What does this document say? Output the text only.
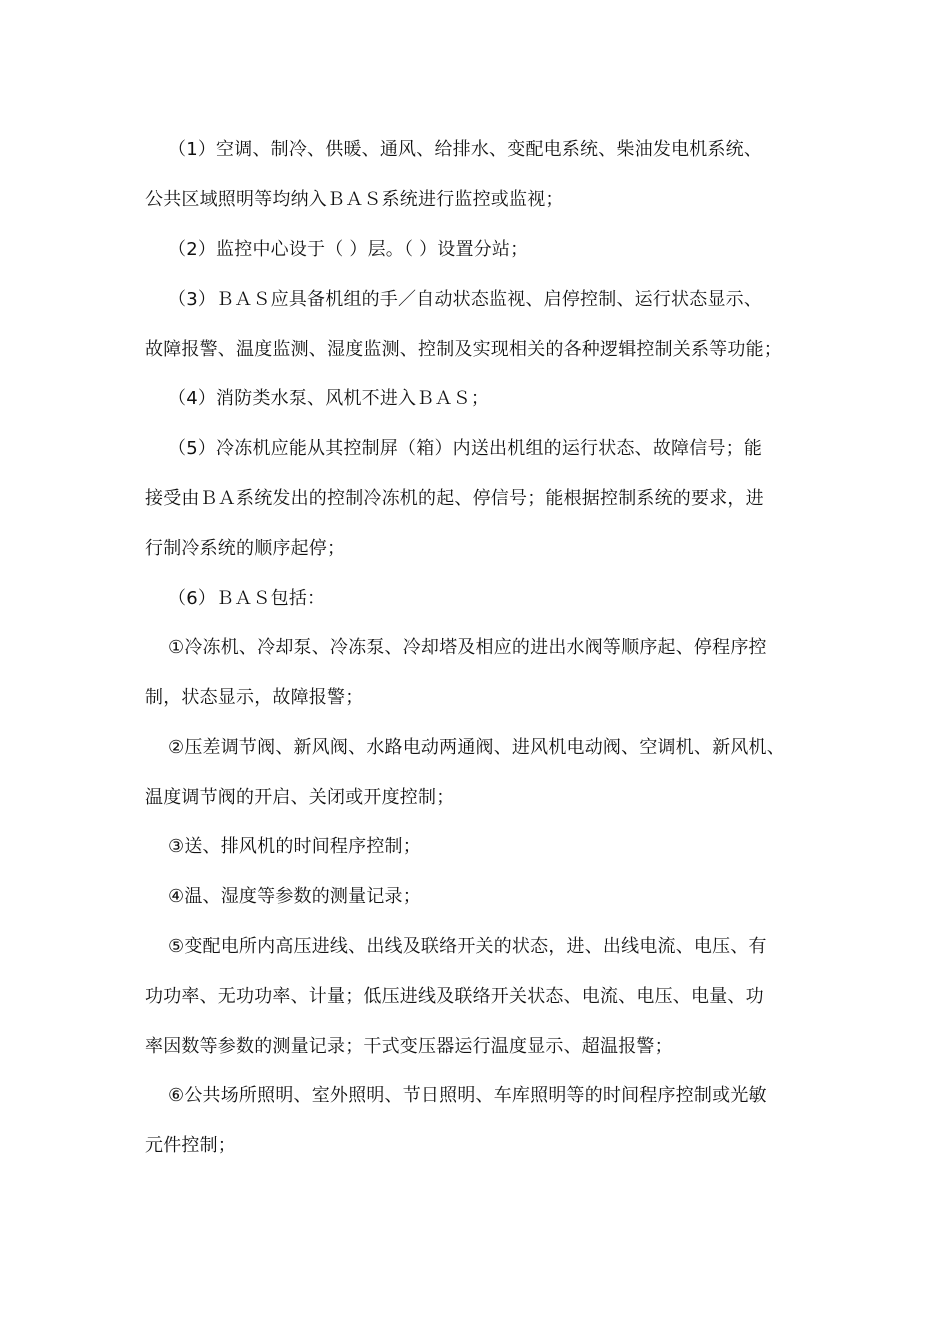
（1）空调、制冷、供暖、通风、给排水、变配电系统、柴油发电机系统、
公共区域照明等均纳入ＢＡＳ系统进行监控或监视；
（2）监控中心设于（ ）层。（ ）设置分站；
（3）ＢＡＳ应具备机组的手／自动状态监视、启停控制、运行状态显示、
故障报警、温度监测、湿度监测、控制及实现相关的各种逻辑控制关系等功能；
（4）消防类水泵、风机不进入ＢＡＳ；
（5）冷冻机应能从其控制屏（箱）内送出机组的运行状态、故障信号；能
接受由ＢＡ系统发出的控制冷冻机的起、停信号；能根据控制系统的要求，进
行制冷系统的顺序起停；
（6）ＢＡＳ包括：
①冷冻机、冷却泵、冷冻泵、冷却塔及相应的进出水阀等顺序起、停程序控
制，状态显示，故障报警；
②压差调节阀、新风阀、水路电动两通阀、进风机电动阀、空调机、新风机、
温度调节阀的开启、关闭或开度控制；
③送、排风机的时间程序控制；
④温、湿度等参数的测量记录；
⑤变配电所内高压进线、出线及联络开关的状态，进、出线电流、电压、有
功功率、无功功率、计量；低压进线及联络开关状态、电流、电压、电量、功
率因数等参数的测量记录；干式变压器运行温度显示、超温报警；
⑥公共场所照明、室外照明、节日照明、车库照明等的时间程序控制或光敏
元件控制；
